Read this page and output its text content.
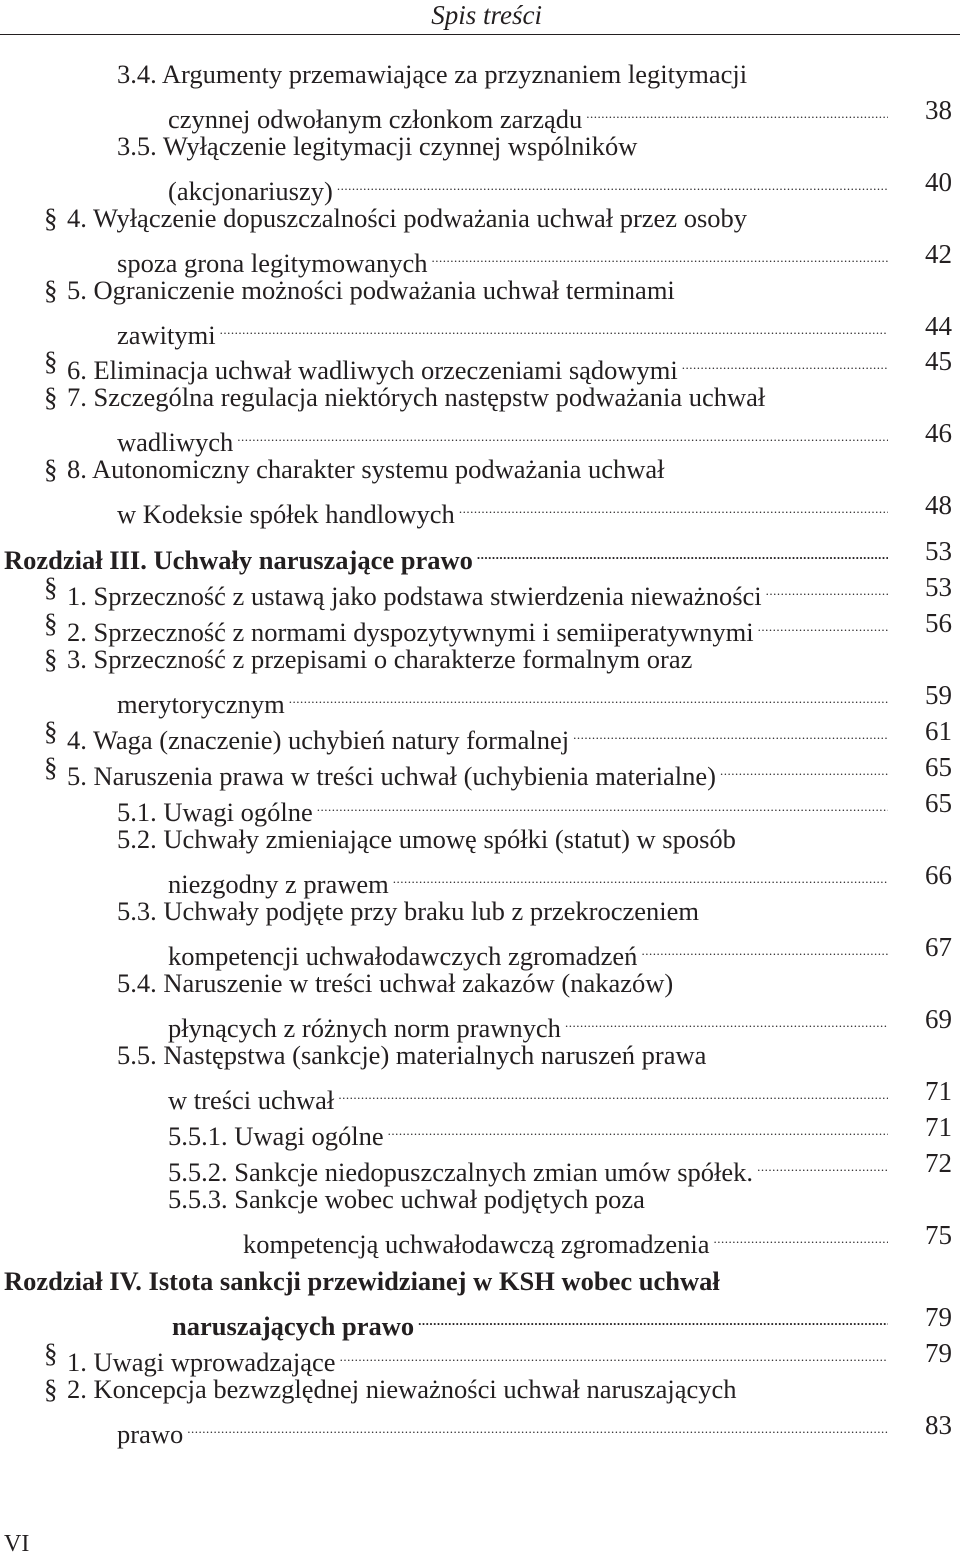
Spis treści
3.4. Argumenty przemawiające za przyznaniem legitymacji
czynnej odwołanym członkom zarządu .....	38
3.5. Wyłączenie legitymacji czynnej wspólników
(akcjonariuszy) .....	40
§ 4. Wyłączenie dopuszczalności podważania uchwał przez osoby
spoza grona legitymowanych .....	42
§ 5. Ograniczenie możności podważania uchwał terminami
zawitymi .....	44
§ 6. Eliminacja uchwał wadliwych orzeczeniami sądowymi .....	45
§ 7. Szczególna regulacja niektórych następstw podważania uchwał
wadliwych .....	46
§ 8. Autonomiczny charakter systemu podważania uchwał
w Kodeksie spółek handlowych .....	48
Rozdział III. Uchwały naruszające prawo .....	53
§ 1. Sprzeczność z ustawą jako podstawa stwierdzenia nieważności .....	53
§ 2. Sprzeczność z normami dyspozytywnymi i semiiperatywnymi .....	56
§ 3. Sprzeczność z przepisami o charakterze formalnym oraz
merytorycznym .....	59
§ 4. Waga (znaczenie) uchybień natury formalnej .....	61
§ 5. Naruszenia prawa w treści uchwał (uchybienia materialne) .....	65
5.1. Uwagi ogólne .....	65
5.2. Uchwały zmieniające umowę spółki (statut) w sposób
niezgodny z prawem .....	66
5.3. Uchwały podjęte przy braku lub z przekroczeniem
kompetencji uchwałodawczych zgromadzeń .....	67
5.4. Naruszenie w treści uchwał zakazów (nakazów)
płynących z różnych norm prawnych .....	69
5.5. Następstwa (sankcje) materialnych naruszeń prawa
w treści uchwał .....	71
5.5.1. Uwagi ogólne .....	71
5.5.2. Sankcje niedopuszczalnych zmian umów spółek. .....	72
5.5.3. Sankcje wobec uchwał podjętych poza
kompetencją uchwałodawczą zgromadzenia .....	75
Rozdział IV. Istota sankcji przewidzianej w KSH wobec uchwał
naruszających prawo .....	79
§ 1. Uwagi wprowadzające .....	79
§ 2. Koncepcja bezwzględnej nieważności uchwał naruszających
prawo .....	83
VI
